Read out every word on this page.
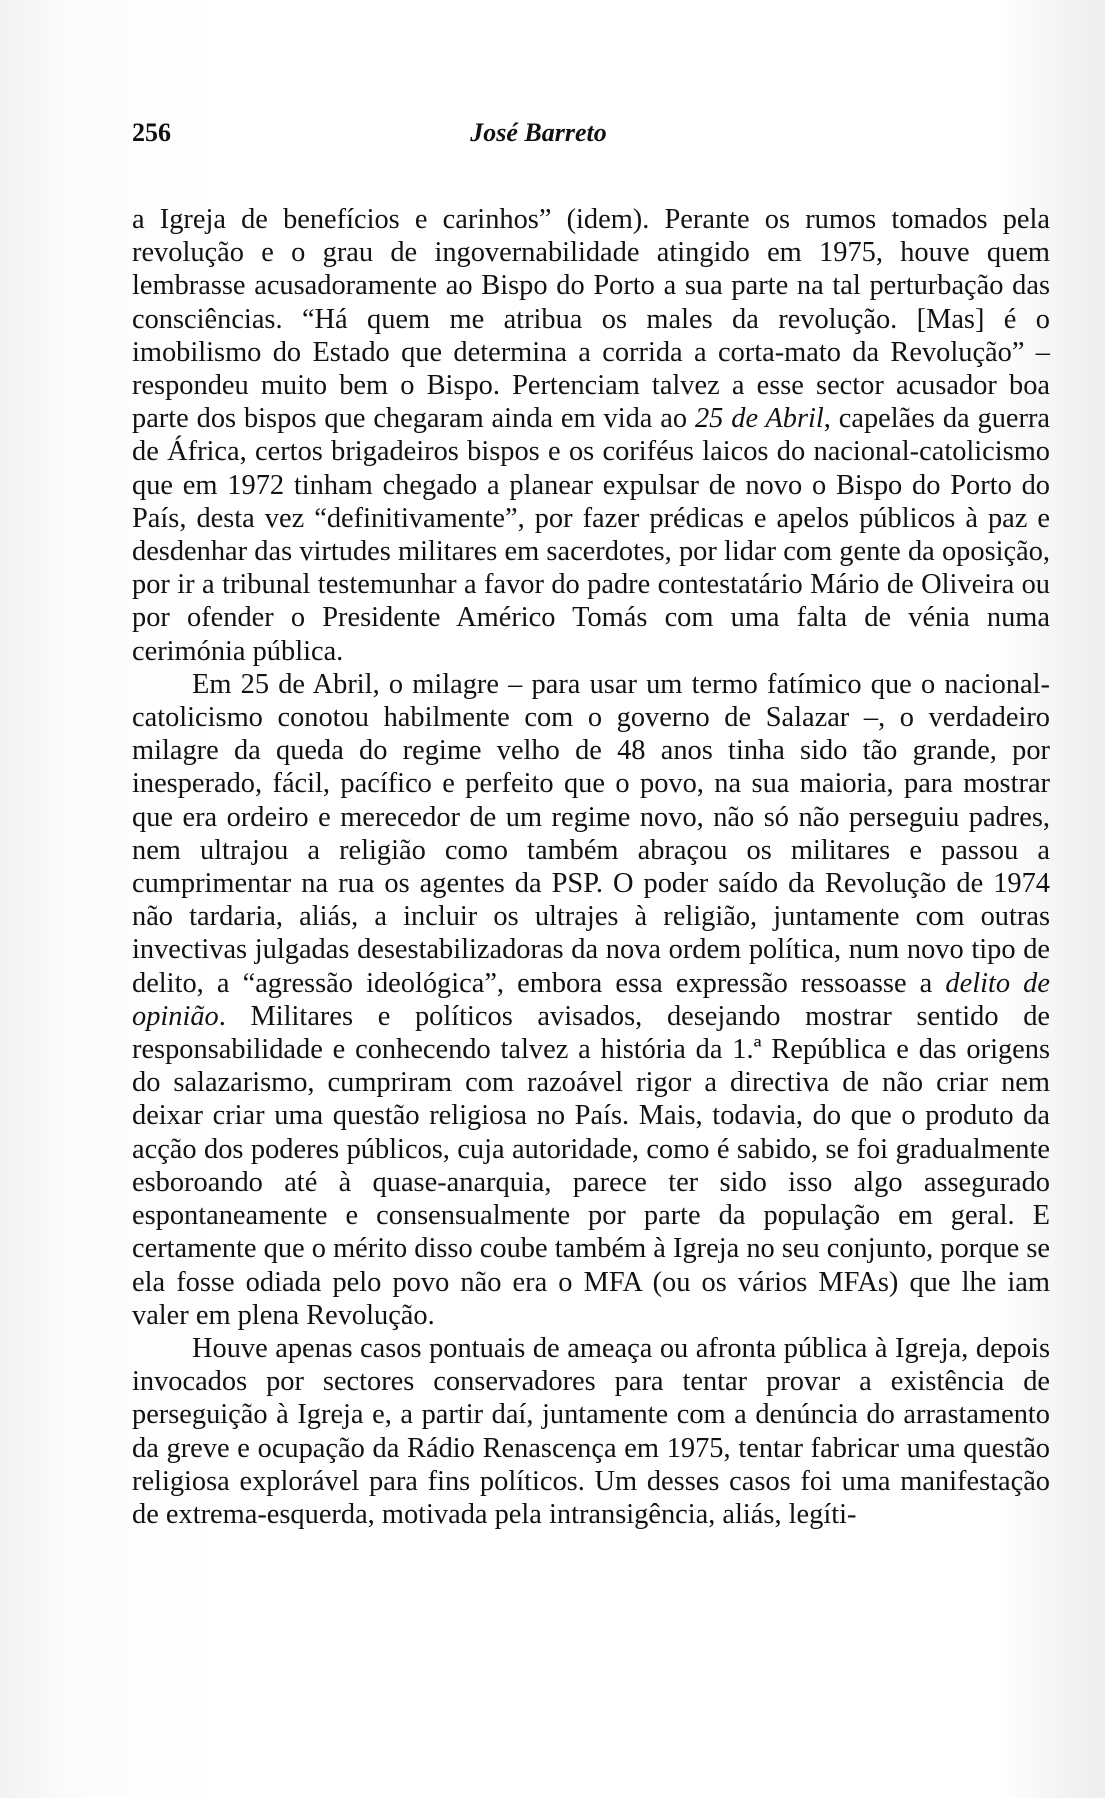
256	José Barreto

a Igreja de benefícios e carinhos” (idem). Perante os rumos tomados pela revolução e o grau de ingovernabilidade atingido em 1975, houve quem lembrasse acusadoramente ao Bispo do Porto a sua parte na tal perturbação das consciências. “Há quem me atribua os males da revolução. [Mas] é o imobilismo do Estado que determina a corrida a corta-mato da Revolução” – respondeu muito bem o Bispo. Pertenciam talvez a esse sector acusador boa parte dos bispos que chegaram ainda em vida ao 25 de Abril, capelães da guerra de África, certos brigadeiros bispos e os coriféus laicos do nacional-catolicismo que em 1972 tinham chegado a planear expulsar de novo o Bispo do Porto do País, desta vez “definitivamente”, por fazer prédicas e apelos públicos à paz e desdenhar das virtudes militares em sacerdotes, por lidar com gente da oposição, por ir a tribunal testemunhar a favor do padre contestatário Mário de Oliveira ou por ofender o Presidente Américo Tomás com uma falta de vénia numa cerimónia pública.

Em 25 de Abril, o milagre – para usar um termo fatímico que o nacional-catolicismo conotou habilmente com o governo de Salazar –, o verdadeiro milagre da queda do regime velho de 48 anos tinha sido tão grande, por inesperado, fácil, pacífico e perfeito que o povo, na sua maioria, para mostrar que era ordeiro e merecedor de um regime novo, não só não perseguiu padres, nem ultrajou a religião como também abraçou os militares e passou a cumprimentar na rua os agentes da PSP. O poder saído da Revolução de 1974 não tardaria, aliás, a incluir os ultrajes à religião, juntamente com outras invectivas julgadas desestabilizadoras da nova ordem política, num novo tipo de delito, a “agressão ideológica”, embora essa expressão ressoasse a delito de opinião. Militares e políticos avisados, desejando mostrar sentido de responsabilidade e conhecendo talvez a história da 1.ª República e das origens do salazarismo, cumpriram com razoável rigor a directiva de não criar nem deixar criar uma questão religiosa no País. Mais, todavia, do que o produto da acção dos poderes públicos, cuja autoridade, como é sabido, se foi gradualmente esboroando até à quase-anarquia, parece ter sido isso algo assegurado espontaneamente e consensualmente por parte da população em geral. E certamente que o mérito disso coube também à Igreja no seu conjunto, porque se ela fosse odiada pelo povo não era o MFA (ou os vários MFAs) que lhe iam valer em plena Revolução.

Houve apenas casos pontuais de ameaça ou afronta pública à Igreja, depois invocados por sectores conservadores para tentar provar a existência de perseguição à Igreja e, a partir daí, juntamente com a denúncia do arrastamento da greve e ocupação da Rádio Renascença em 1975, tentar fabricar uma questão religiosa explorável para fins políticos. Um desses casos foi uma manifestação de extrema-esquerda, motivada pela intransigência, aliás, legíti-
